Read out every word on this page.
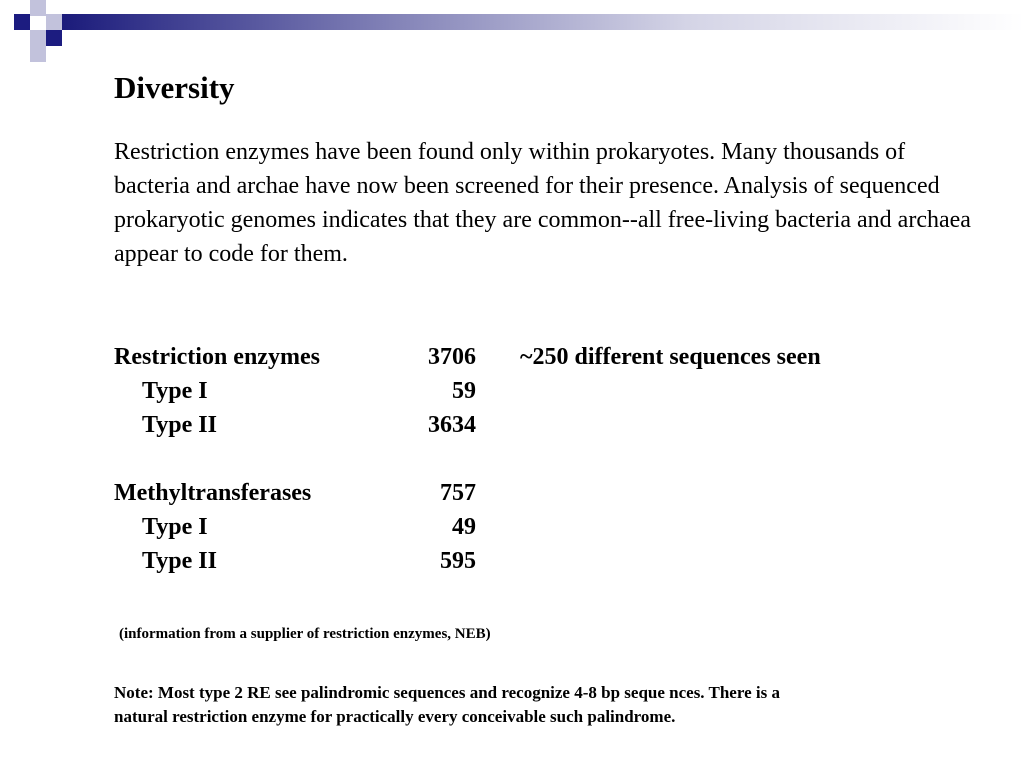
Diversity
Restriction enzymes have been found only within prokaryotes. Many thousands of bacteria and archae have now been screened for their presence. Analysis of sequenced prokaryotic genomes indicates that they are common--all free-living bacteria and archaea appear to code for them.
Restriction enzymes	3706 ~250 different sequences seen
Type I	59
Type II	3634
Methyltransferases	757
Type I	49
Type II	595
(information from a supplier of restriction enzymes, NEB)
Note: Most type 2 RE see palindromic sequences and recognize 4-8 bp seque nces. There is a
natural restriction enzyme for practically every conceivable such palindrome.
